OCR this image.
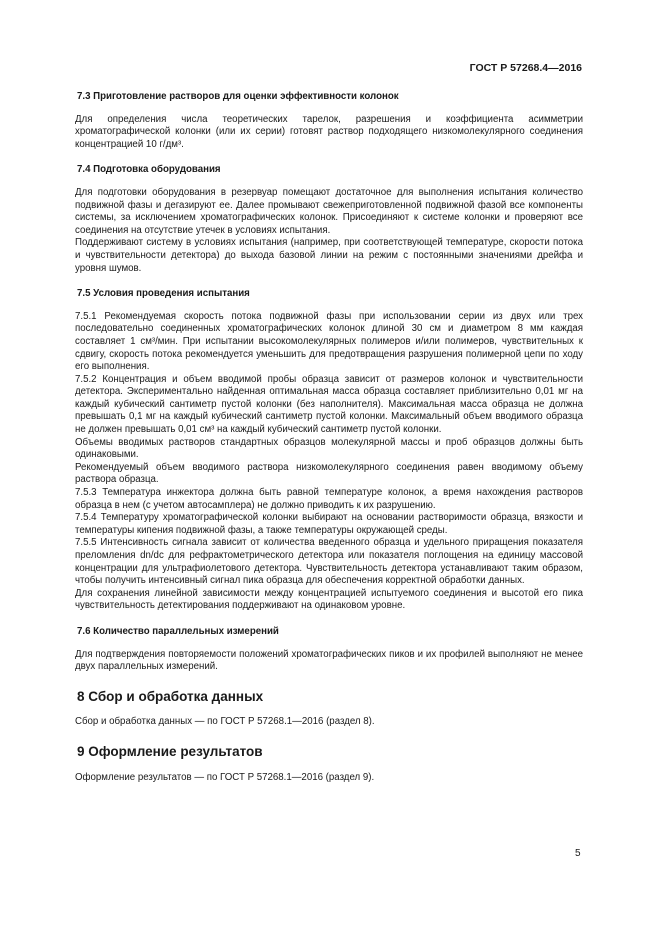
ГОСТ Р 57268.4—2016
7.3 Приготовление растворов для оценки эффективности колонок

Для определения числа теоретических тарелок, разрешения и коэффициента асимметрии хроматографической колонки (или их серии) готовят раствор подходящего низкомолекулярного соединения концентрацией 10 г/дм³.

7.4 Подготовка оборудования

Для подготовки оборудования в резервуар помещают достаточное для выполнения испытания количество подвижной фазы и дегазируют ее. Далее промывают свежеприготовленной подвижной фазой все компоненты системы, за исключением хроматографических колонок. Присоединяют к системе колонки и проверяют все соединения на отсутствие утечек в условиях испытания.

Поддерживают систему в условиях испытания (например, при соответствующей температуре, скорости потока и чувствительности детектора) до выхода базовой линии на режим с постоянными значениями дрейфа и уровня шумов.

7.5 Условия проведения испытания

7.5.1 Рекомендуемая скорость потока подвижной фазы при использовании серии из двух или трех последовательно соединенных хроматографических колонок длиной 30 см и диаметром 8 мм каждая составляет 1 см³/мин. При испытании высокомолекулярных полимеров и/или полимеров, чувствительных к сдвигу, скорость потока рекомендуется уменьшить для предотвращения разрушения полимерной цепи по ходу его выполнения.

7.5.2 Концентрация и объем вводимой пробы образца зависит от размеров колонок и чувствительности детектора. Экспериментально найденная оптимальная масса образца составляет приблизительно 0,01 мг на каждый кубический сантиметр пустой колонки (без наполнителя). Максимальная масса образца не должна превышать 0,1 мг на каждый кубический сантиметр пустой колонки. Максимальный объем вводимого образца не должен превышать 0,01 см³ на каждый кубический сантиметр пустой колонки.

Объемы вводимых растворов стандартных образцов молекулярной массы и проб образцов должны быть одинаковыми.

Рекомендуемый объем вводимого раствора низкомолекулярного соединения равен вводимому объему раствора образца.

7.5.3 Температура инжектора должна быть равной температуре колонок, а время нахождения растворов образца в нем (с учетом автосамплера) не должно приводить к их разрушению.

7.5.4 Температуру хроматографической колонки выбирают на основании растворимости образца, вязкости и температуры кипения подвижной фазы, а также температуры окружающей среды.

7.5.5 Интенсивность сигнала зависит от количества введенного образца и удельного приращения показателя преломления dn/dc для рефрактометрического детектора или показателя поглощения на единицу массовой концентрации для ультрафиолетового детектора. Чувствительность детектора устанавливают таким образом, чтобы получить интенсивный сигнал пика образца для обеспечения корректной обработки данных.

Для сохранения линейной зависимости между концентрацией испытуемого соединения и высотой его пика чувствительность детектирования поддерживают на одинаковом уровне.

7.6 Количество параллельных измерений

Для подтверждения повторяемости положений хроматографических пиков и их профилей выполняют не менее двух параллельных измерений.

8 Сбор и обработка данных

Сбор и обработка данных — по ГОСТ Р 57268.1—2016 (раздел 8).

9 Оформление результатов

Оформление результатов — по ГОСТ Р 57268.1—2016 (раздел 9).

5
